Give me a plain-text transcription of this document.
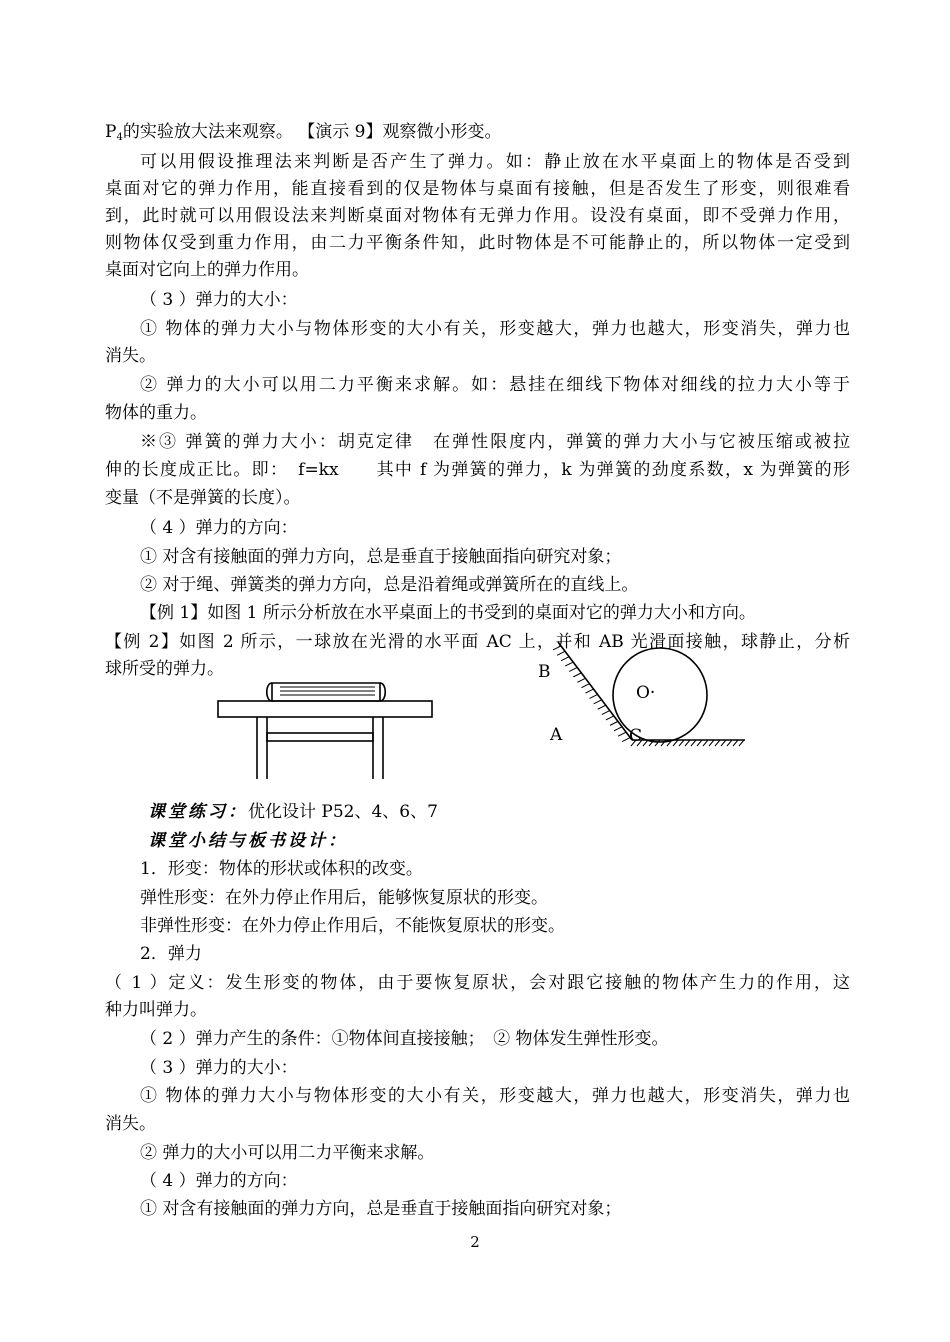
$P_4$的实验放大法来观察。 【演示 9】观察微小形变。
可以用假设推理法来判断是否产生了弹力。如：静止放在水平桌面上的物体是否受到
桌面对它的弹力作用，能直接看到的仅是物体与桌面有接触，但是否发生了形变，则很难看
到，此时就可以用假设法来判断桌面对物体有无弹力作用。设没有桌面，即不受弹力作用，
则物体仅受到重力作用，由二力平衡条件知，此时物体是不可能静止的，所以物体一定受到
桌面对它向上的弹力作用。
（ 3 ）弹力的大小：
① 物体的弹力大小与物体形变的大小有关，形变越大，弹力也越大，形变消失，弹力也
消失。
② 弹力的大小可以用二力平衡来求解。如：悬挂在细线下物体对细线的拉力大小等于
物体的重力。
※③ 弹簧的弹力大小：胡克定律　在弹性限度内，弹簧的弹力大小与它被压缩或被拉
伸的长度成正比。即：　f=kx　　其中 f 为弹簧的弹力，k 为弹簧的劲度系数，x 为弹簧的形
变量（不是弹簧的长度）。
（ 4 ）弹力的方向：
① 对含有接触面的弹力方向，总是垂直于接触面指向研究对象；
② 对于绳、弹簧类的弹力方向，总是沿着绳或弹簧所在的直线上。
【例 1】如图 1 所示分析放在水平桌面上的书受到的桌面对它的弹力大小和方向。
【例 2】如图 2 所示，一球放在光滑的水平面 AC 上，并和 AB 光滑面接触，球静止，分析
球所受的弹力。	B
O·
A	C
课堂练习：优化设计 P52、4、6、7
课堂小结与板书设计：
1．形变：物体的形状或体积的改变。
弹性形变：在外力停止作用后，能够恢复原状的形变。
非弹性形变：在外力停止作用后，不能恢复原状的形变。
2．弹力
（ 1 ）定义：发生形变的物体，由于要恢复原状，会对跟它接触的物体产生力的作用，这
种力叫弹力。
（ 2 ）弹力产生的条件：①物体间直接接触；　② 物体发生弹性形变。
（ 3 ）弹力的大小：
① 物体的弹力大小与物体形变的大小有关，形变越大，弹力也越大，形变消失，弹力也
消失。
② 弹力的大小可以用二力平衡来求解。
（ 4 ）弹力的方向：
① 对含有接触面的弹力方向，总是垂直于接触面指向研究对象；
2
